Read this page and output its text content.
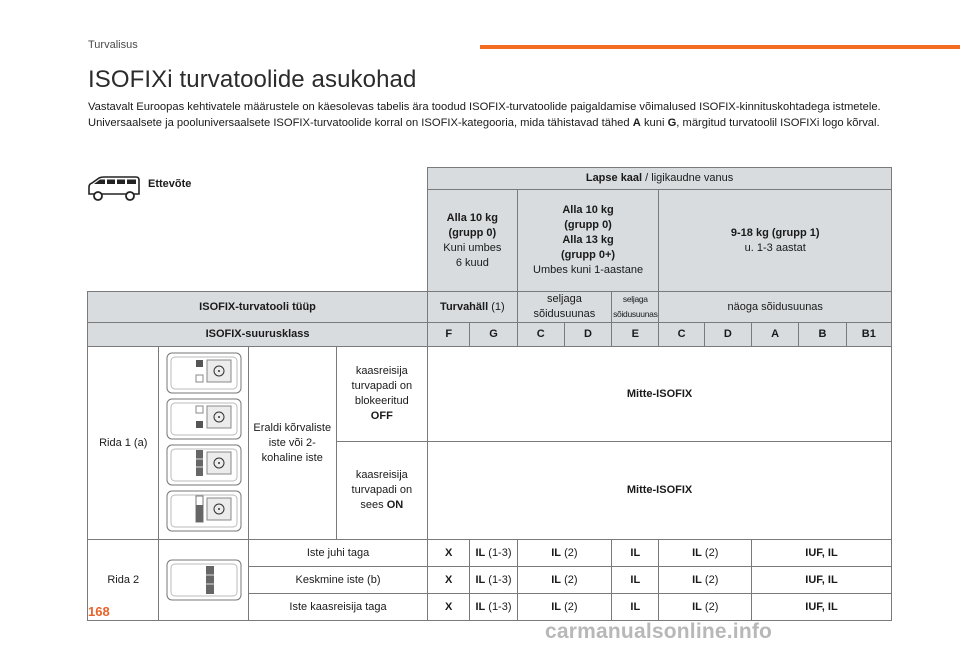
Turvalisus
ISOFIXi turvatoolide asukohad
Vastavalt Euroopas kehtivatele määrustele on käesolevas tabelis ära toodud ISOFIX-turvatoolide paigaldamise võimalused ISOFIX-kinnituskohtadega istmetele.
Universaalsete ja pooluniversaalsete ISOFIX-turvatoolide korral on ISOFIX-kategooria, mida tähistavad tähed A kuni G, märgitud turvatoolil ISOFIXi logo kõrval.
				Lapse kaal / ligikaudne vanus									
				Alla 10 kg
(grupp 0)
Kuni umbes
6 kuud		Alla 10 kg
(grupp 0)
Alla 13 kg
(grupp 0+)
Umbes kuni 1-aastane			9-18 kg (grupp 1)
u. 1-3 aastat				
ISOFIX-turvatooli tüüp				Turvahäll (1)		seljaga sõidusuunas		seljaga sõidusuunas	näoga sõidusuunas				
ISOFIX-suurusklass				F	G	C	D	E	C	D	A	B	B1
Rida 1 (a)		Eraldi kõrvaliste iste või 2-kohaline iste	kaasreisija
turvapadi on
blokeeritud
OFF	Mitte-ISOFIX									
			kaasreisija
turvapadi on
sees ON	Mitte-ISOFIX									
Rida 2		Iste juhi taga		X	IL (1-3)	IL (2)		IL	IL (2)		IUF, IL		
		Keskmine iste (b)		X	IL (1-3)	IL (2)		IL	IL (2)		IUF, IL		
		Iste kaasreisija taga		X	IL (1-3)	IL (2)		IL	IL (2)		IUF, IL		
Ettevõte
168
carmanualsonline.info
